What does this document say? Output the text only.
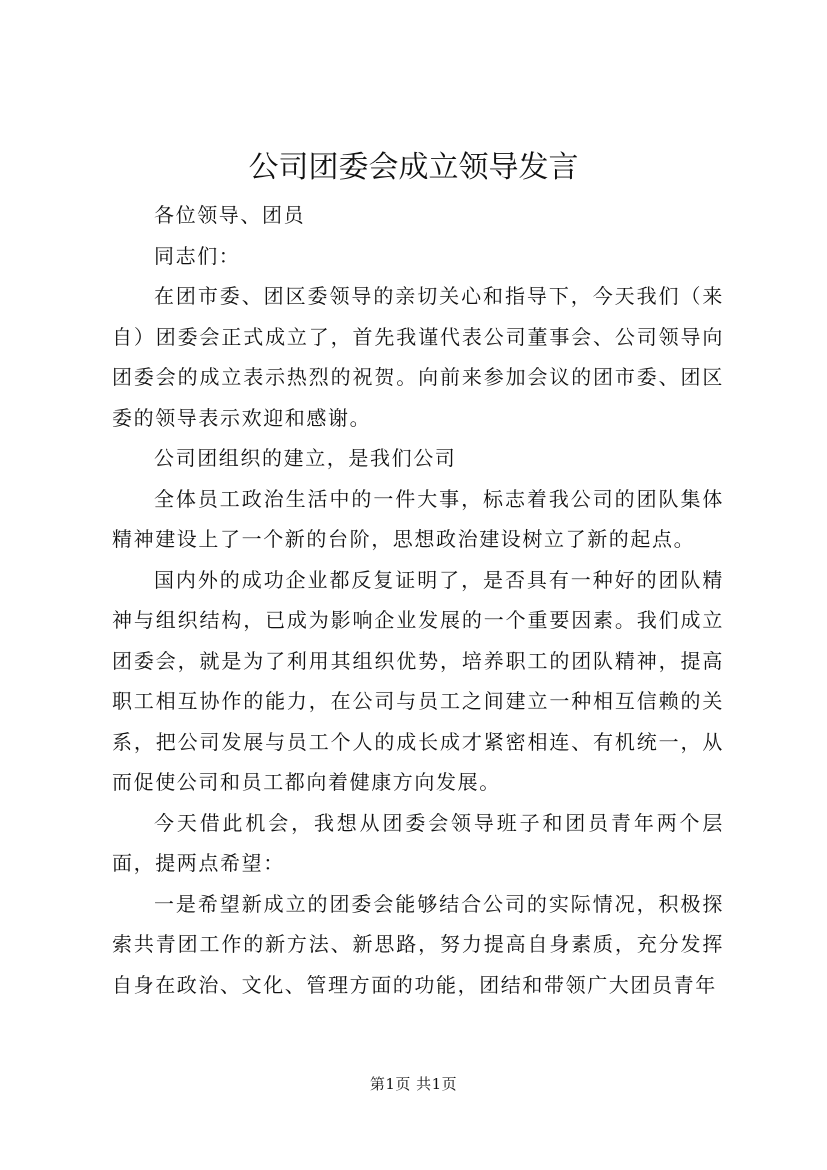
公司团委会成立领导发言

各位领导、团员

同志们：

在团市委、团区委领导的亲切关心和指导下，今天我们（来自）团委会正式成立了，首先我谨代表公司董事会、公司领导向团委会的成立表示热烈的祝贺。向前来参加会议的团市委、团区委的领导表示欢迎和感谢。

公司团组织的建立，是我们公司

全体员工政治生活中的一件大事，标志着我公司的团队集体精神建设上了一个新的台阶，思想政治建设树立了新的起点。

国内外的成功企业都反复证明了，是否具有一种好的团队精神与组织结构，已成为影响企业发展的一个重要因素。我们成立团委会，就是为了利用其组织优势，培养职工的团队精神，提高职工相互协作的能力，在公司与员工之间建立一种相互信赖的关系，把公司发展与员工个人的成长成才紧密相连、有机统一，从而促使公司和员工都向着健康方向发展。

今天借此机会，我想从团委会领导班子和团员青年两个层面，提两点希望：

一是希望新成立的团委会能够结合公司的实际情况，积极探索共青团工作的新方法、新思路，努力提高自身素质，充分发挥自身在政治、文化、管理方面的功能，团结和带领广大团员青年

第1页 共1页
